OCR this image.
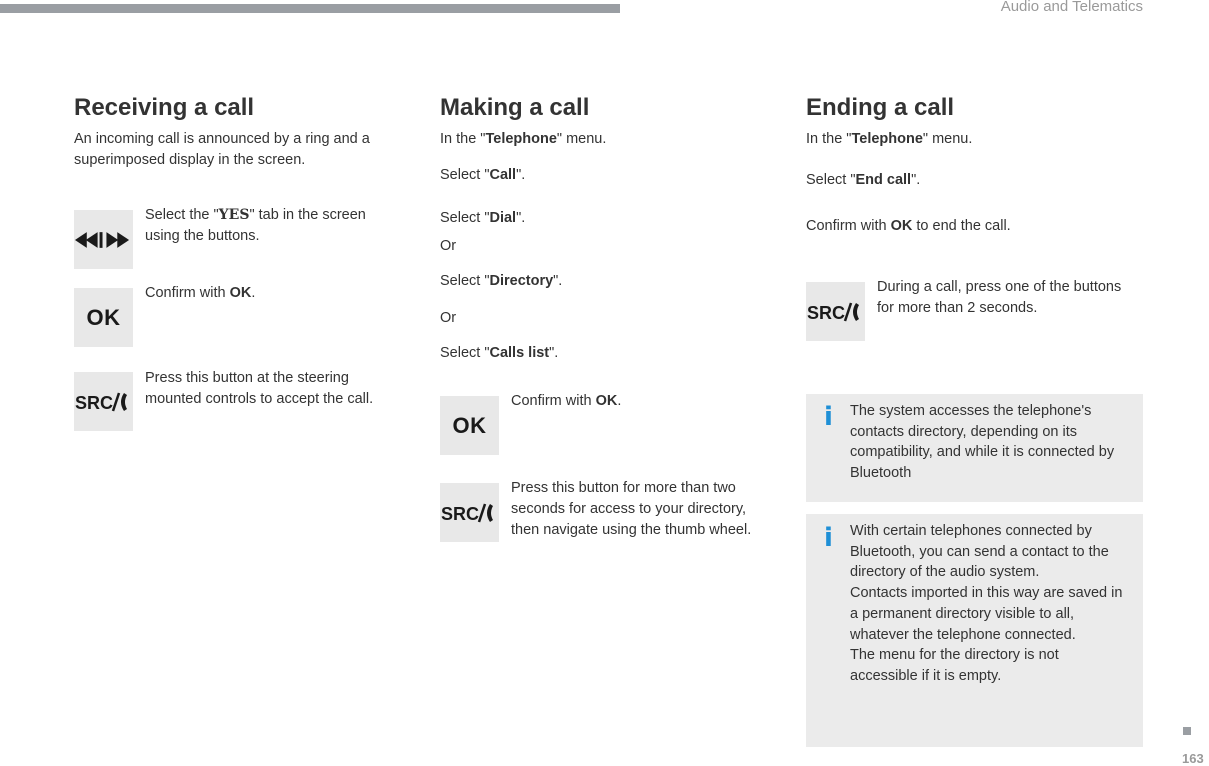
Audio and Telematics
Receiving a call
An incoming call is announced by a ring and a superimposed display in the screen.
Select the "YES" tab in the screen using the buttons.
OK
Confirm with OK.
SRC
Press this button at the steering mounted controls to accept the call.
Making a call
In the "Telephone" menu.
Select "Call".
Select "Dial".
Or
Select "Directory".
Or
Select "Calls list".
OK
Confirm with OK.
SRC
Press this button for more than two seconds for access to your directory, then navigate using the thumb wheel.
Ending a call
In the "Telephone" menu.
Select "End call".
Confirm with OK to end the call.
SRC
During a call, press one of the buttons for more than 2 seconds.
i The system accesses the telephone's contacts directory, depending on its compatibility, and while it is connected by Bluetooth
i With certain telephones connected by Bluetooth, you can send a contact to the directory of the audio system.
Contacts imported in this way are saved in a permanent directory visible to all, whatever the telephone connected.
The menu for the directory is not accessible if it is empty.
163
